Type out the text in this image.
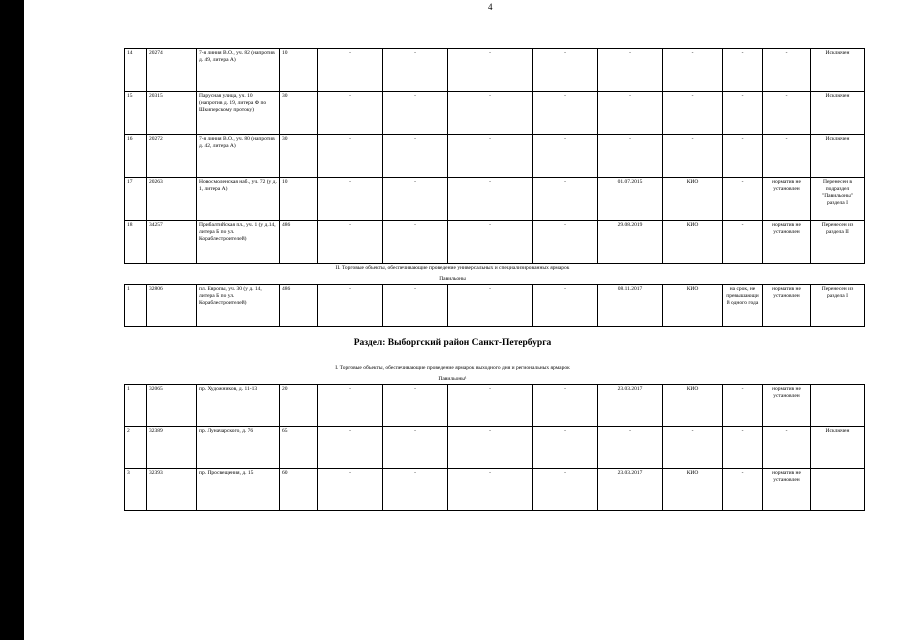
4
14	20274	7-я линия В.О., уч. 82 (напротив д. 49, литера А)	10	-	-	-	-	-	-	-	-	Исключен
15	20315	Парусная улица, уч. 10 (напротив д. 19, литера Ф по Шкиперскому протоку)	30	-	-	-	-	-	-	-	-	Исключен
16	20272	7-я линия В.О., уч. 80 (напротив д. 42, литера А)	30	-	-	-	-	-	-	-	-	Исключен
17	20263	Новосмоленская наб., уч. 72 (у д. 1, литера А)	10	-	-	-	-	01.07.2015	КИО	-	норматив не установлен	Перенесен в подраздел "Павильоны" раздела I
18	34257	Прибалтийская пл., уч. 1 (у д.14, литера Б по ул. Кораблестроителей)	486	-	-	-	-	29.08.2019	КИО	-	норматив не установлен	Перенесен из раздела II
II. Торговые объекты, обеспечивающие проведение универсальных и специализированных ярмарок
Павильоны
1	32806	пл. Европы, уч. 30 (у д. 14, литера Б по ул. Кораблестроителей)	486	-	-	-	-	08.11.2017	КИО	на срок, не превышающий одного года	норматив не установлен	Перенесен из раздела I
Раздел: Выборгский район Санкт-Петербурга
I. Торговые объекты, обеспечивающие проведение ярмарок выходного дня и региональных ярмарок
Павильоны¹
1	32065	пр. Художников, д. 11-13	20	-	-	-	-	23.03.2017	КИО	-	норматив не установлен	
2	32389	пр. Луначарского, д. 76	65	-	-	-	-	-	-	-	-	Исключен
3	32393	пр. Просвещения, д. 15	60	-	-	-	-	23.03.2017	КИО	-	норматив не установлен	
